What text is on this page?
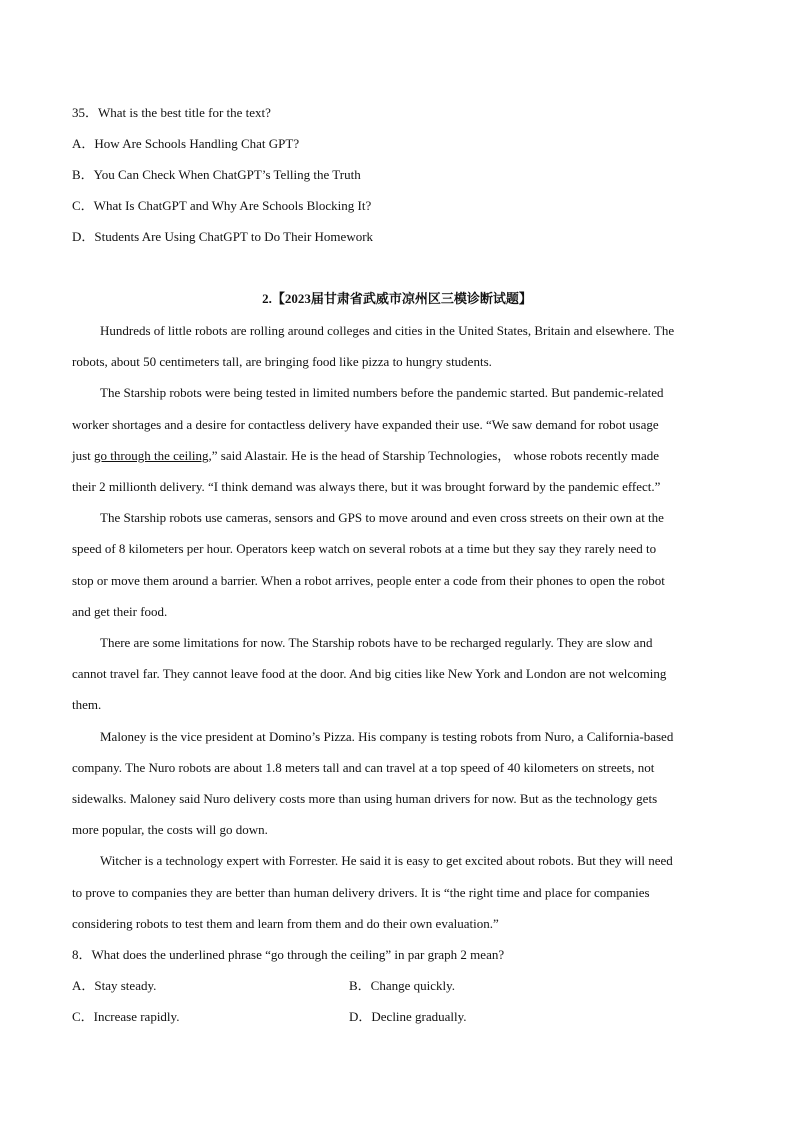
35．What is the best title for the text?
A．How Are Schools Handling Chat GPT?
B．You Can Check When ChatGPT’s Telling the Truth
C．What Is ChatGPT and Why Are Schools Blocking It?
D．Students Are Using ChatGPT to Do Their Homework
2.【2023届甘肃省武威市凉州区三模诊断试题】
Hundreds of little robots are rolling around colleges and cities in the United States, Britain and elsewhere. The
robots, about 50 centimeters tall, are bringing food like pizza to hungry students.
The Starship robots were being tested in limited numbers before the pandemic started. But pandemic-related
worker shortages and a desire for contactless delivery have expanded their use. “We saw demand for robot usage
just go through the ceiling,” said Alastair. He is the head of Starship Technologies， whose robots recently made
their 2 millionth delivery. “I think demand was always there, but it was brought forward by the pandemic effect.”
The Starship robots use cameras, sensors and GPS to move around and even cross streets on their own at the
speed of 8 kilometers per hour. Operators keep watch on several robots at a time but they say they rarely need to
stop or move them around a barrier. When a robot arrives, people enter a code from their phones to open the robot
and get their food.
There are some limitations for now. The Starship robots have to be recharged regularly. They are slow and
cannot travel far. They cannot leave food at the door. And big cities like New York and London are not welcoming
them.
Maloney is the vice president at Domino’s Pizza. His company is testing robots from Nuro, a California-based
company. The Nuro robots are about 1.8 meters tall and can travel at a top speed of 40 kilometers on streets, not
sidewalks. Maloney said Nuro delivery costs more than using human drivers for now. But as the technology gets
more popular, the costs will go down.
Witcher is a technology expert with Forrester. He said it is easy to get excited about robots. But they will need
to prove to companies they are better than human delivery drivers. It is “the right time and place for companies
considering robots to test them and learn from them and do their own evaluation.”
8．What does the underlined phrase “go through the ceiling” in par graph 2 mean?
A．Stay steady.	B．Change quickly.
C．Increase rapidly.	D．Decline gradually.
